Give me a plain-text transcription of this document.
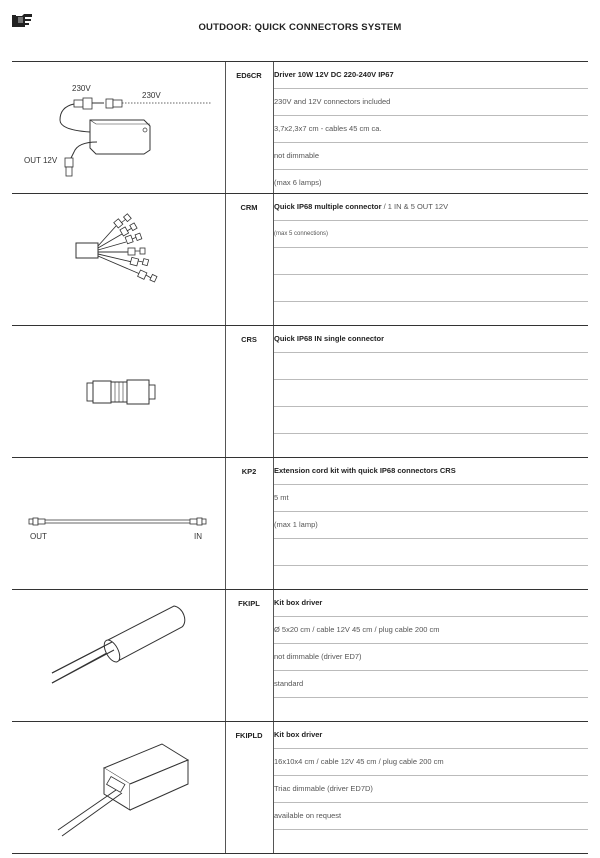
OUTDOOR: QUICK CONNECTORS SYSTEM
230V
230V
OUT 12V
ED6CR	Driver 10W 12V DC 220-240V IP67
230V and 12V connectors included
3,7x2,3x7 cm - cables 45 cm ca.
not dimmable
(max 6 lamps)
CRM	Quick IP68 multiple connector / 1 IN & 5 OUT 12V
(max 5 connections)
CRS	Quick IP68 IN single connector
OUT	IN
KP2	Extension cord kit with quick IP68 connectors CRS
5 mt
(max 1 lamp)
FKIPL	Kit box driver
Ø 5x20 cm / cable 12V 45 cm / plug cable 200 cm
not dimmable (driver ED7)
standard
FKIPLD	Kit box driver
16x10x4 cm / cable 12V 45 cm / plug cable 200 cm
Triac dimmable (driver ED7D)
available on request
